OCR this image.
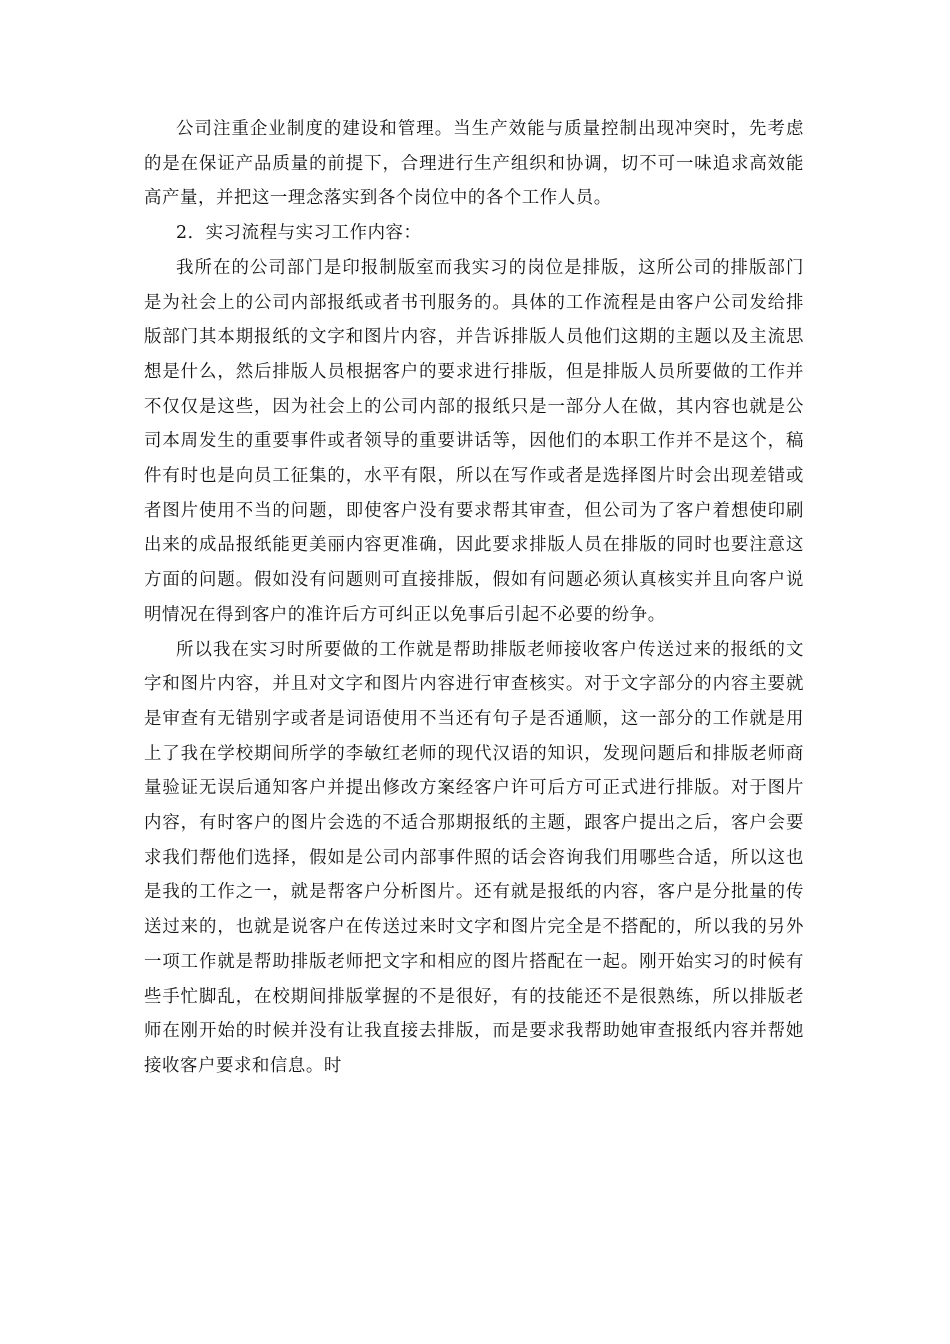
公司注重企业制度的建设和管理。当生产效能与质量控制出现冲突时，先考虑的是在保证产品质量的前提下，合理进行生产组织和协调，切不可一味追求高效能高产量，并把这一理念落实到各个岗位中的各个工作人员。

2．实习流程与实习工作内容：

我所在的公司部门是印报制版室而我实习的岗位是排版，这所公司的排版部门是为社会上的公司内部报纸或者书刊服务的。具体的工作流程是由客户公司发给排版部门其本期报纸的文字和图片内容，并告诉排版人员他们这期的主题以及主流思想是什么，然后排版人员根据客户的要求进行排版，但是排版人员所要做的工作并不仅仅是这些，因为社会上的公司内部的报纸只是一部分人在做，其内容也就是公司本周发生的重要事件或者领导的重要讲话等，因他们的本职工作并不是这个，稿件有时也是向员工征集的，水平有限，所以在写作或者是选择图片时会出现差错或者图片使用不当的问题，即使客户没有要求帮其审查，但公司为了客户着想使印刷出来的成品报纸能更美丽内容更准确，因此要求排版人员在排版的同时也要注意这方面的问题。假如没有问题则可直接排版，假如有问题必须认真核实并且向客户说明情况在得到客户的准许后方可纠正以免事后引起不必要的纷争。

所以我在实习时所要做的工作就是帮助排版老师接收客户传送过来的报纸的文字和图片内容，并且对文字和图片内容进行审查核实。对于文字部分的内容主要就是审查有无错别字或者是词语使用不当还有句子是否通顺，这一部分的工作就是用上了我在学校期间所学的李敏红老师的现代汉语的知识，发现问题后和排版老师商量验证无误后通知客户并提出修改方案经客户许可后方可正式进行排版。对于图片内容，有时客户的图片会选的不适合那期报纸的主题，跟客户提出之后，客户会要求我们帮他们选择，假如是公司内部事件照的话会咨询我们用哪些合适，所以这也是我的工作之一，就是帮客户分析图片。还有就是报纸的内容，客户是分批量的传送过来的，也就是说客户在传送过来时文字和图片完全是不搭配的，所以我的另外一项工作就是帮助排版老师把文字和相应的图片搭配在一起。刚开始实习的时候有些手忙脚乱，在校期间排版掌握的不是很好，有的技能还不是很熟练，所以排版老师在刚开始的时候并没有让我直接去排版，而是要求我帮助她审查报纸内容并帮她接收客户要求和信息。时
